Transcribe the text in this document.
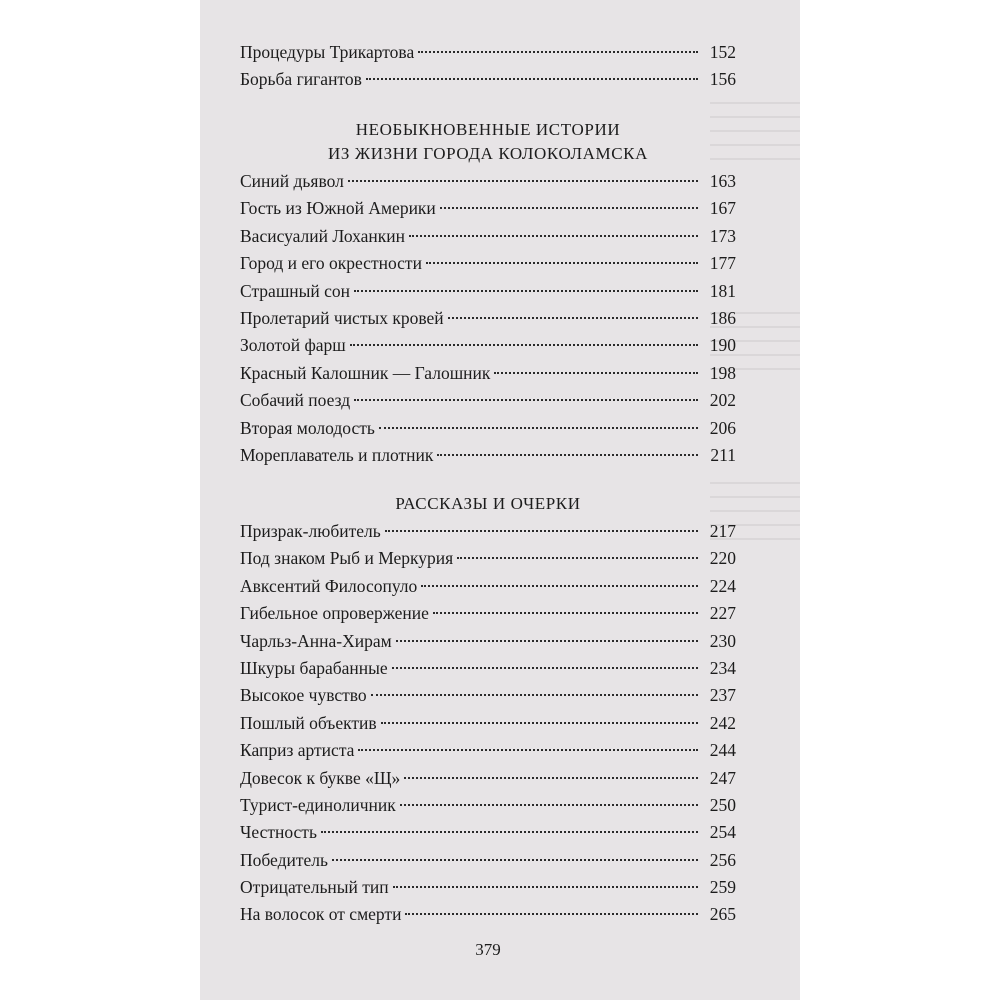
Процедуры Трикартова	152
Борьба гигантов	156
НЕОБЫКНОВЕННЫЕ ИСТОРИИ
ИЗ ЖИЗНИ ГОРОДА КОЛОКОЛАМСКА
Синий дьявол	163
Гость из Южной Америки	167
Васисуалий Лоханкин	173
Город и его окрестности	177
Страшный сон	181
Пролетарий чистых кровей	186
Золотой фарш	190
Красный Калошник — Галошник	198
Собачий поезд	202
Вторая молодость	206
Мореплаватель и плотник	211
РАССКАЗЫ И ОЧЕРКИ
Призрак-любитель	217
Под знаком Рыб и Меркурия	220
Авксентий Филосопуло	224
Гибельное опровержение	227
Чарльз-Анна-Хирам	230
Шкуры барабанные	234
Высокое чувство	237
Пошлый объектив	242
Каприз артиста	244
Довесок к букве «Щ»	247
Турист-единоличник	250
Честность	254
Победитель	256
Отрицательный тип	259
На волосок от смерти	265
379
